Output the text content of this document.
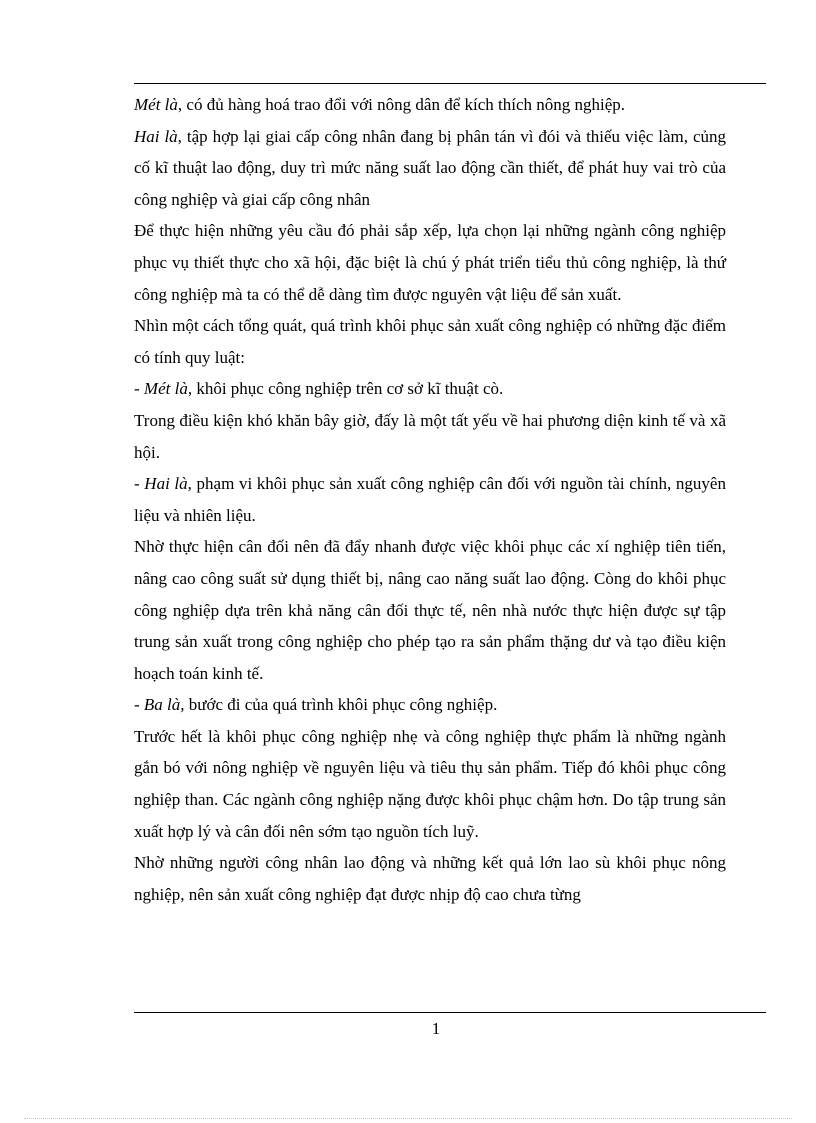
Mét là, có đủ hàng hoá trao đổi với nông dân để kích thích nông nghiệp.

Hai là, tập hợp lại giai cấp công nhân đang bị phân tán vì đói và thiếu việc làm, củng cố kĩ thuật lao động, duy trì mức năng suất lao động cần thiết, để phát huy vai trò của công nghiệp và giai cấp công nhân

Để thực hiện những yêu cầu đó phải sắp xếp, lựa chọn lại những ngành công nghiệp phục vụ thiết thực cho xã hội, đặc biệt là chú ý phát triển tiểu thủ công nghiệp, là thứ công nghiệp mà ta có thể dễ dàng tìm được nguyên vật liệu để sản xuất.

Nhìn một cách tổng quát, quá trình khôi phục sản xuất công nghiệp có những đặc điểm có tính quy luật:

- Mét là, khôi phục công nghiệp trên cơ sở kĩ thuật cò.

Trong điều kiện khó khăn bây giờ, đấy là một tất yếu về hai phương diện kinh tế và xã hội.

- Hai là, phạm vi khôi phục sản xuất công nghiệp cân đối với nguồn tài chính, nguyên liệu và nhiên liệu.

Nhờ thực hiện cân đối nên đã đẩy nhanh được việc khôi phục các xí nghiệp tiên tiến, nâng cao công suất sử dụng thiết bị, nâng cao năng suất lao động. Còng do khôi phục công nghiệp dựa trên khả năng cân đối thực tế, nên nhà nước thực hiện được sự tập trung sản xuất trong công nghiệp cho phép tạo ra sản phẩm thặng dư và tạo điều kiện hoạch toán kinh tế.

- Ba là, bước đi của quá trình khôi phục công nghiệp.

Trước hết là khôi phục công nghiệp nhẹ và công nghiệp thực phẩm là những ngành gắn bó với nông nghiệp về nguyên liệu và tiêu thụ sản phẩm. Tiếp đó khôi phục công nghiệp than. Các ngành công nghiệp nặng được khôi phục chậm hơn. Do tập trung sản xuất hợp lý và cân đối nên sớm tạo nguồn tích luỹ.

Nhờ những người công nhân lao động và những kết quả lớn lao sù khôi phục nông nghiệp, nên sản xuất công nghiệp đạt được nhịp độ cao chưa từng

1
